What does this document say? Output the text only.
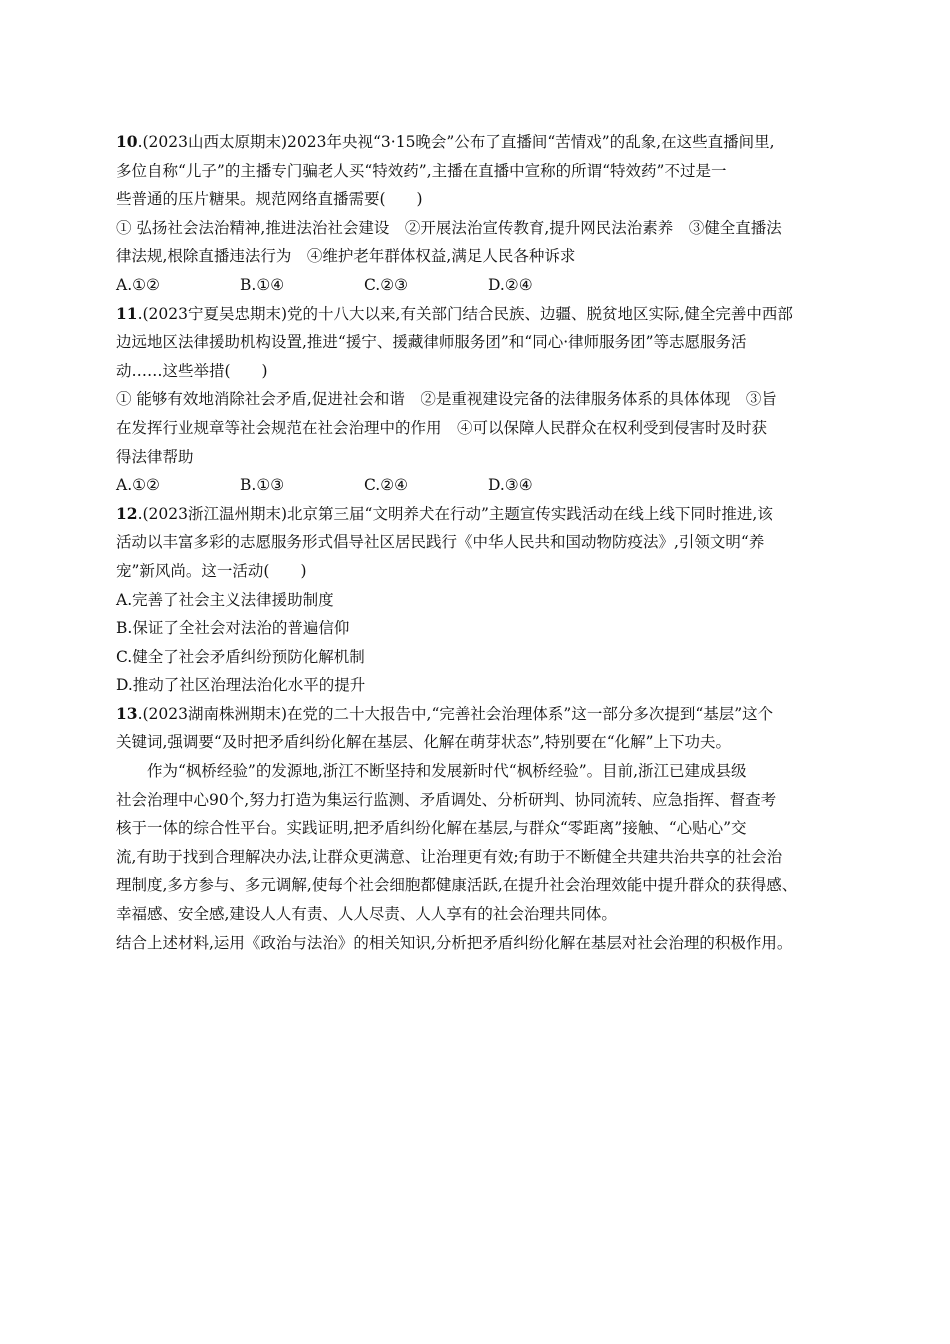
10.(2023山西太原期末)2023年央视“3·15晚会”公布了直播间“苦情戏”的乱象,在这些直播间里,
多位自称“儿子”的主播专门骗老人买“特效药”,主播在直播中宣称的所谓“特效药”不过是一
些普通的压片糖果。规范网络直播需要(　　)
① 弘扬社会法治精神,推进法治社会建设　②开展法治宣传教育,提升网民法治素养　③健全直播法
律法规,根除直播违法行为　④维护老年群体权益,满足人民各种诉求
A.①②	B.①④	C.②③	D.②④
11.(2023宁夏吴忠期末)党的十八大以来,有关部门结合民族、边疆、脱贫地区实际,健全完善中西部
边远地区法律援助机构设置,推进“援宁、援藏律师服务团”和“同心·律师服务团”等志愿服务活
动……这些举措(　　)
① 能够有效地消除社会矛盾,促进社会和谐　②是重视建设完备的法律服务体系的具体体现　③旨
在发挥行业规章等社会规范在社会治理中的作用　④可以保障人民群众在权利受到侵害时及时获
得法律帮助
A.①②	B.①③	C.②④	D.③④
12.(2023浙江温州期末)北京第三届“文明养犬在行动”主题宣传实践活动在线上线下同时推进,该
活动以丰富多彩的志愿服务形式倡导社区居民践行《中华人民共和国动物防疫法》,引领文明“养
宠”新风尚。这一活动(　　)
A.完善了社会主义法律援助制度
B.保证了全社会对法治的普遍信仰
C.健全了社会矛盾纠纷预防化解机制
D.推动了社区治理法治化水平的提升
13.(2023湖南株洲期末)在党的二十大报告中,“完善社会治理体系”这一部分多次提到“基层”这个
关键词,强调要“及时把矛盾纠纷化解在基层、化解在萌芽状态”,特别要在“化解”上下功夫。
作为“枫桥经验”的发源地,浙江不断坚持和发展新时代“枫桥经验”。目前,浙江已建成县级
社会治理中心90个,努力打造为集运行监测、矛盾调处、分析研判、协同流转、应急指挥、督查考
核于一体的综合性平台。实践证明,把矛盾纠纷化解在基层,与群众“零距离”接触、“心贴心”交
流,有助于找到合理解决办法,让群众更满意、让治理更有效;有助于不断健全共建共治共享的社会治
理制度,多方参与、多元调解,使每个社会细胞都健康活跃,在提升社会治理效能中提升群众的获得感、
幸福感、安全感,建设人人有责、人人尽责、人人享有的社会治理共同体。
结合上述材料,运用《政治与法治》的相关知识,分析把矛盾纠纷化解在基层对社会治理的积极作用。
